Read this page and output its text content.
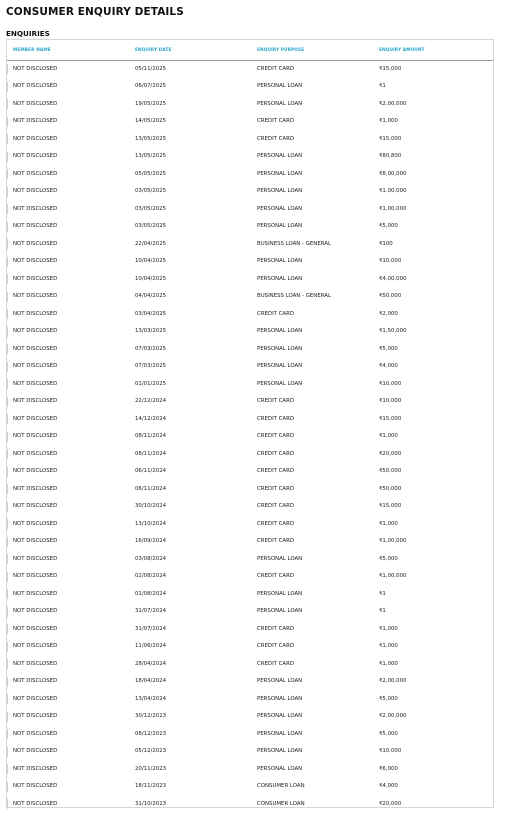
CONSUMER ENQUIRY DETAILS
ENQUIRIES
MEMBER NAME	ENQUIRY DATE	ENQUIRY PURPOSE	ENQUIRY AMOUNT
NOT DISCLOSED	05/11/2025	CREDIT CARD	₹15,000
NOT DISCLOSED	06/07/2025	PERSONAL LOAN	₹1
NOT DISCLOSED	19/05/2025	PERSONAL LOAN	₹2,00,000
NOT DISCLOSED	14/05/2025	CREDIT CARD	₹1,000
NOT DISCLOSED	13/05/2025	CREDIT CARD	₹15,000
NOT DISCLOSED	13/05/2025	PERSONAL LOAN	₹80,800
NOT DISCLOSED	05/05/2025	PERSONAL LOAN	₹8,00,000
NOT DISCLOSED	03/05/2025	PERSONAL LOAN	₹1,00,000
NOT DISCLOSED	03/05/2025	PERSONAL LOAN	₹1,00,000
NOT DISCLOSED	03/05/2025	PERSONAL LOAN	₹5,000
NOT DISCLOSED	22/04/2025	BUSINESS LOAN - GENERAL	₹100
NOT DISCLOSED	10/04/2025	PERSONAL LOAN	₹10,000
NOT DISCLOSED	10/04/2025	PERSONAL LOAN	₹4,00,000
NOT DISCLOSED	04/04/2025	BUSINESS LOAN - GENERAL	₹50,000
NOT DISCLOSED	03/04/2025	CREDIT CARD	₹2,000
NOT DISCLOSED	13/03/2025	PERSONAL LOAN	₹1,50,000
NOT DISCLOSED	07/03/2025	PERSONAL LOAN	₹5,000
NOT DISCLOSED	07/03/2025	PERSONAL LOAN	₹4,000
NOT DISCLOSED	01/01/2025	PERSONAL LOAN	₹10,000
NOT DISCLOSED	22/12/2024	CREDIT CARD	₹10,000
NOT DISCLOSED	14/12/2024	CREDIT CARD	₹15,000
NOT DISCLOSED	08/11/2024	CREDIT CARD	₹1,000
NOT DISCLOSED	08/11/2024	CREDIT CARD	₹20,000
NOT DISCLOSED	06/11/2024	CREDIT CARD	₹50,000
NOT DISCLOSED	06/11/2024	CREDIT CARD	₹50,000
NOT DISCLOSED	30/10/2024	CREDIT CARD	₹15,000
NOT DISCLOSED	13/10/2024	CREDIT CARD	₹1,000
NOT DISCLOSED	16/09/2024	CREDIT CARD	₹1,00,000
NOT DISCLOSED	03/08/2024	PERSONAL LOAN	₹5,000
NOT DISCLOSED	02/08/2024	CREDIT CARD	₹1,00,000
NOT DISCLOSED	01/08/2024	PERSONAL LOAN	₹1
NOT DISCLOSED	31/07/2024	PERSONAL LOAN	₹1
NOT DISCLOSED	31/07/2024	CREDIT CARD	₹1,000
NOT DISCLOSED	11/06/2024	CREDIT CARD	₹1,000
NOT DISCLOSED	28/04/2024	CREDIT CARD	₹1,000
NOT DISCLOSED	18/04/2024	PERSONAL LOAN	₹2,00,000
NOT DISCLOSED	13/04/2024	PERSONAL LOAN	₹5,000
NOT DISCLOSED	30/12/2023	PERSONAL LOAN	₹2,00,000
NOT DISCLOSED	08/12/2023	PERSONAL LOAN	₹5,000
NOT DISCLOSED	05/12/2023	PERSONAL LOAN	₹10,000
NOT DISCLOSED	20/11/2023	PERSONAL LOAN	₹6,000
NOT DISCLOSED	18/11/2023	CONSUMER LOAN	₹4,000
NOT DISCLOSED	31/10/2023	CONSUMER LOAN	₹20,000
